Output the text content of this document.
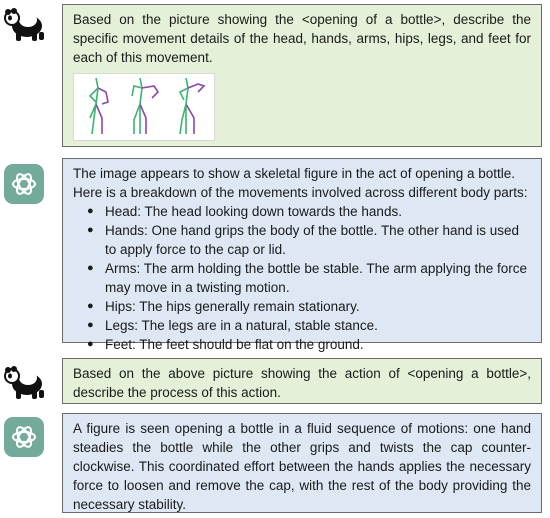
Based on the picture showing the <opening of a bottle>, describe the specific movement details of the head, hands, arms, hips, legs, and feet for each of this movement.
The image appears to show a skeletal figure in the act of opening a bottle. Here is a breakdown of the movements involved across different body parts:
● Head: The head looking down towards the hands.
● Hands: One hand grips the body of the bottle. The other hand is used to apply force to the cap or lid.
● Arms: The arm holding the bottle be stable. The arm applying the force may move in a twisting motion.
● Hips: The hips generally remain stationary.
● Legs: The legs are in a natural, stable stance.
● Feet: The feet should be flat on the ground.
Based on the above picture showing the action of <opening a bottle>, describe the process of this action.
A figure is seen opening a bottle in a fluid sequence of motions: one hand steadies the bottle while the other grips and twists the cap counter-clockwise. This coordinated effort between the hands applies the necessary force to loosen and remove the cap, with the rest of the body providing the necessary stability.
